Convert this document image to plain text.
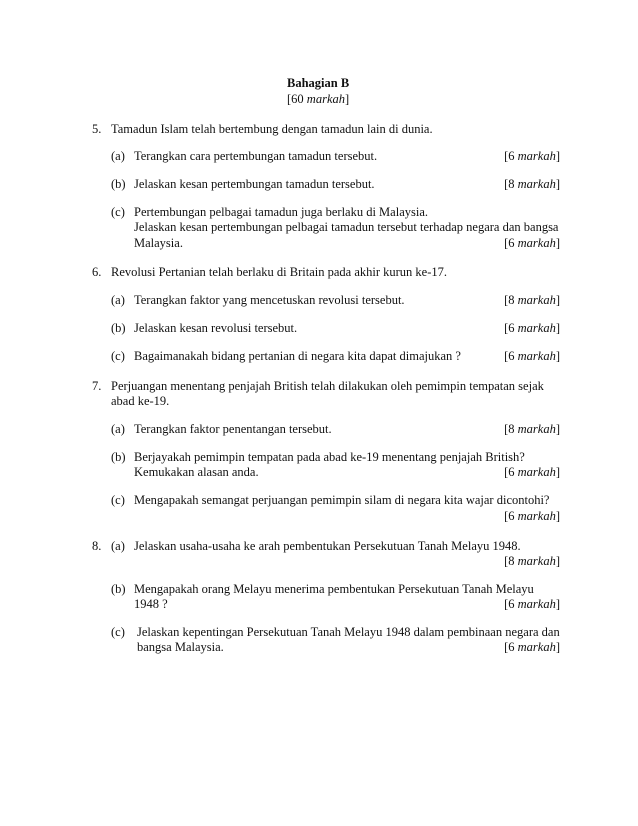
Bahagian B
[60 markah]
5. Tamadun Islam telah bertembung dengan tamadun lain di dunia.
(a) Terangkan cara pertembungan tamadun tersebut.	[6 markah]
(b) Jelaskan kesan pertembungan tamadun tersebut.	[8 markah]
(c) Pertembungan pelbagai tamadun juga berlaku di Malaysia.
Jelaskan kesan pertembungan pelbagai tamadun tersebut terhadap negara dan bangsa
Malaysia.	[6 markah]
6. Revolusi Pertanian telah berlaku di Britain pada akhir kurun ke-17.
(a) Terangkan faktor yang mencetuskan revolusi tersebut.	[8 markah]
(b) Jelaskan kesan revolusi tersebut.	[6 markah]
(c) Bagaimanakah bidang pertanian di negara kita dapat dimajukan ?	[6 markah]
7. Perjuangan menentang penjajah British telah dilakukan oleh pemimpin tempatan sejak
abad ke-19.
(a) Terangkan faktor penentangan tersebut.	[8 markah]
(b) Berjayakah pemimpin tempatan pada abad ke-19 menentang penjajah British?
Kemukakan alasan anda.	[6 markah]
(c) Mengapakah semangat perjuangan pemimpin silam di negara kita wajar dicontohi?
[6 markah]
8. (a) Jelaskan usaha-usaha ke arah pembentukan Persekutuan Tanah Melayu 1948.
[8 markah]
(b) Mengapakah orang Melayu menerima pembentukan Persekutuan Tanah Melayu
1948 ?	[6 markah]
(c) Jelaskan kepentingan Persekutuan Tanah Melayu 1948 dalam pembinaan negara dan
bangsa Malaysia.	[6 markah]
